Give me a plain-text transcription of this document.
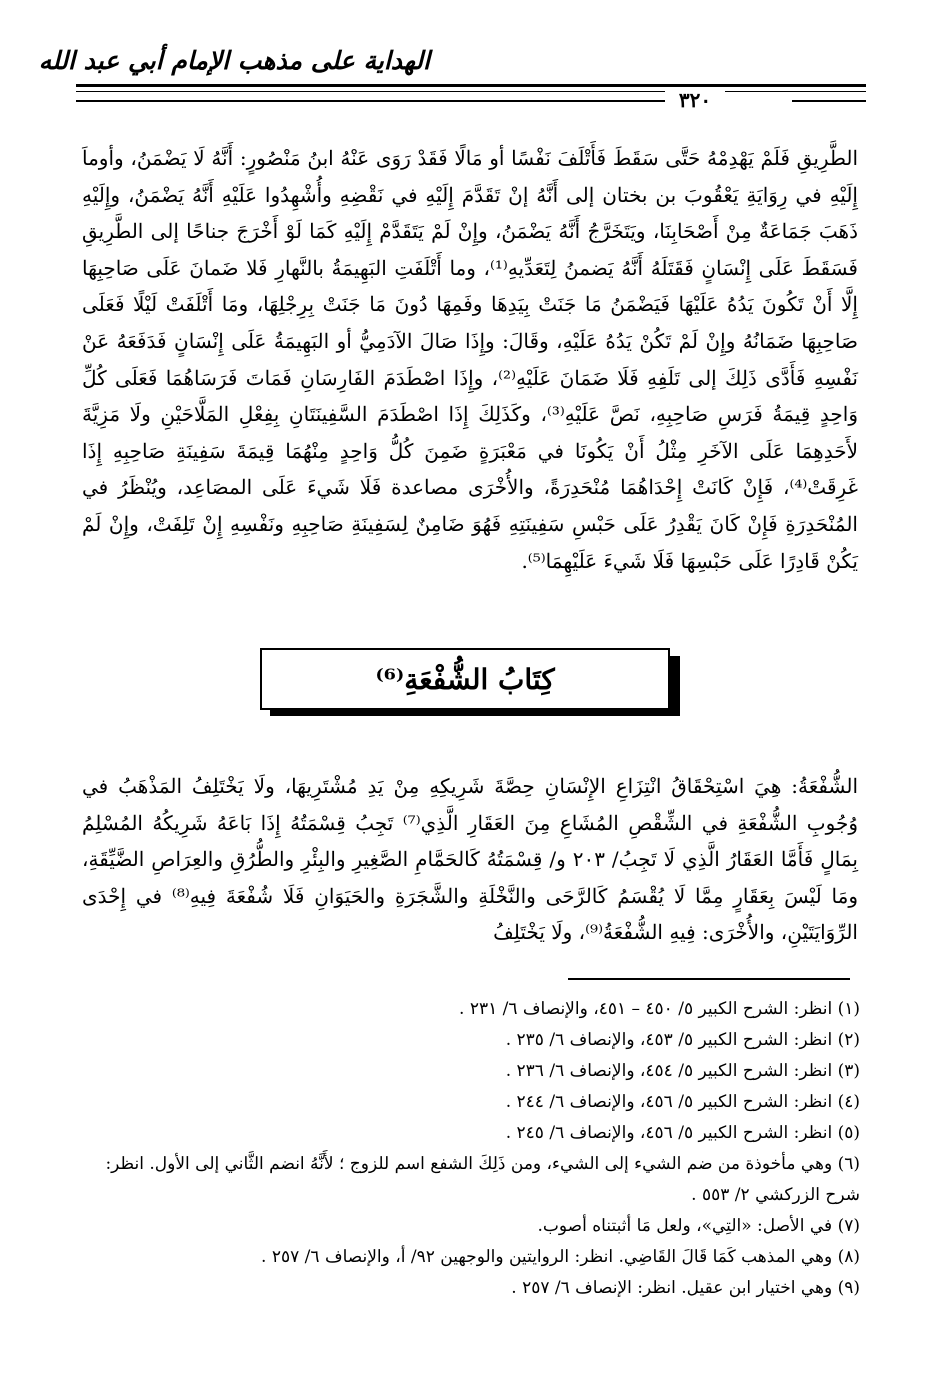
الهداية على مذهب الإمام أبي عبد الله
٣٢٠

الطَّرِيقِ فَلَمْ يَهْدِمْهُ حَتَّى سَقَطَ فَأَتْلَفَ نَفْسًا أو مَالًا فَقَدْ رَوَى عَنْهُ ابنُ مَنْصُورٍ: أَنَّهُ لَا يَضْمَنُ، وأوماَ إِلَيْهِ في رِوَايَةِ يَعْقُوبَ بن بختان إلى أَنَّهُ إنْ تَقَدَّمَ إِلَيْهِ في نَقْضِهِ وأُشْهِدُوا عَلَيْهِ أَنَّهُ يَضْمَنُ، وإِلَيْهِ ذَهَبَ جَمَاعَةٌ مِنْ أَصْحَابِنَا، ويَتَخَرَّجُ أَنَّهُ يَضْمَنُ، وإِنْ لَمْ يَتَقَدَّمْ إِلَيْهِ كَمَا لَوْ أَخْرَجَ جناحًا إلى الطَّرِيقِ فَسَقَطَ عَلَى إِنْسَانٍ فَقَتَلَهُ أَنَّهُ يَضمنُ لِتَعَدِّيهِ⁽¹⁾، وما أَتْلَفَتِ البَهِيمَةُ بالنَّهارِ فَلا ضَمانَ عَلَى صَاحِبِهَا إِلَّا أَنْ تَكُونَ يَدُهُ عَلَيْهَا فَيَضْمَنُ مَا جَنَتْ بِيَدِهَا وفَمِهَا دُونَ مَا جَنَتْ بِرِجْلِهَا، ومَا أَتْلَفَتْ لَيْلًا فَعَلَى صَاحِبِهَا ضَمَانُهُ وإِنْ لَمْ تَكُنْ يَدُهُ عَلَيْهِ، وقَالَ: وإِذَا صَالَ الآدَمِيُّ أو البَهِيمَةُ عَلَى إِنْسَانٍ فَدَفَعَهُ عَنْ نَفْسِهِ فَأَدَّى ذَلِكَ إلى تَلَفِهِ فَلَا ضَمَانَ عَلَيْهِ⁽²⁾، وإِذَا اصْطَدَمَ الفَارِسَانِ فَمَاتَ فَرَسَاهُمَا فَعَلَى كُلِّ وَاحِدٍ قِيمَةُ فَرَسِ صَاحِبِهِ، نَصَّ عَلَيْهِ⁽³⁾، وكَذَلِكَ إِذَا اصْطَدَمَ السَّفِينَتَانِ بِفِعْلِ المَلَّاحَيْنِ ولَا مَزِيَّةَ لأَحَدِهِمَا عَلَى الآخَرِ مِثْلُ أَنْ يَكُونَا في مَعْبَرَةٍ ضَمِنَ كُلُّ وَاحِدٍ مِنْهُمَا قِيمَةَ سَفِينَةِ صَاحِبِهِ إِذَا غَرِقَتْ⁽⁴⁾، فَإِنْ كَانَتْ إِحْدَاهُمَا مُنْحَدِرَةً، والأُخْرَى مصاعدة فَلَا شَيءَ عَلَى المصَاعِد، ويُنْظَرُ في المُنْحَدِرَةِ فَإِنْ كَانَ يَقْدِرُ عَلَى حَبْسِ سَفِينَتِهِ فَهُوَ ضَامِنٌ لِسَفِينَةِ صَاحِبِهِ ونَفْسِهِ إِنْ تَلِفَتْ، وإِنْ لَمْ يَكُنْ قَادِرًا عَلَى حَبْسِهَا فَلَا شَيءَ عَلَيْهِمَا⁽⁵⁾.

كِتَابُ الشُّفْعَةِ⁽⁶⁾

الشُّفْعَةُ: هِيَ اسْتِحْقَاقُ انْتِزَاعِ الإِنْسَانِ حِصَّةَ شَرِيكِهِ مِنْ يَدِ مُشْتَرِيهَا، ولَا يَخْتَلِفُ المَذْهَبُ في وُجُوبِ الشُّفْعَةِ في الشِّقْصِ المُشَاعِ مِنَ العَقَارِ الَّذِي⁽⁷⁾ تَجِبُ قِسْمَتُهُ إِذَا بَاعَهُ شَرِيكُهُ المُسْلِمُ بِمَالٍ فَأَمَّا العَقَارُ الَّذِي لَا تَجِبُ/ ٢٠٣ و/ قِسْمَتُهُ كَالحَمَّامِ الصَّغِيرِ والبِئْرِ والطُّرُقِ والعِرَاصِ الضَّيِّقَةِ، ومَا لَيْسَ بِعَقَارٍ مِمَّا لَا يُقْسَمُ كَالرَّحَى والنَّخْلَةِ والشَّجَرَةِ والحَيَوَانِ فَلَا شُفْعَةَ فِيهِ⁽⁸⁾ في إِحْدَى الرِّوَايَتَيْنِ، والأُخْرَى: فِيهِ الشُّفْعَةُ⁽⁹⁾، ولَا يَخْتَلِفُ

(١) انظر: الشرح الكبير ٥/ ٤٥٠ – ٤٥١، والإنصاف ٦/ ٢٣١ .
(٢) انظر: الشرح الكبير ٥/ ٤٥٣، والإنصاف ٦/ ٢٣٥ .
(٣) انظر: الشرح الكبير ٥/ ٤٥٤، والإنصاف ٦/ ٢٣٦ .
(٤) انظر: الشرح الكبير ٥/ ٤٥٦، والإنصاف ٦/ ٢٤٤ .
(٥) انظر: الشرح الكبير ٥/ ٤٥٦، والإنصاف ٦/ ٢٤٥ .
(٦) وهي مأخوذة من ضم الشيء إلى الشيء، ومن ذَلِكَ الشفع اسم للزوج ؛ لأَنَّهُ انضم الثَّاني إلى الأول. انظر: شرح الزركشي ٢/ ٥٥٣ .
(٧) في الأصل: «التِي»، ولعل مَا أثبتناه أصوب.
(٨) وهي المذهب كَمَا قَالَ القَاضِي. انظر: الروايتين والوجهين ٩٢/ أ، والإنصاف ٦/ ٢٥٧ .
(٩) وهي اختيار ابن عقيل. انظر: الإنصاف ٦/ ٢٥٧ .
